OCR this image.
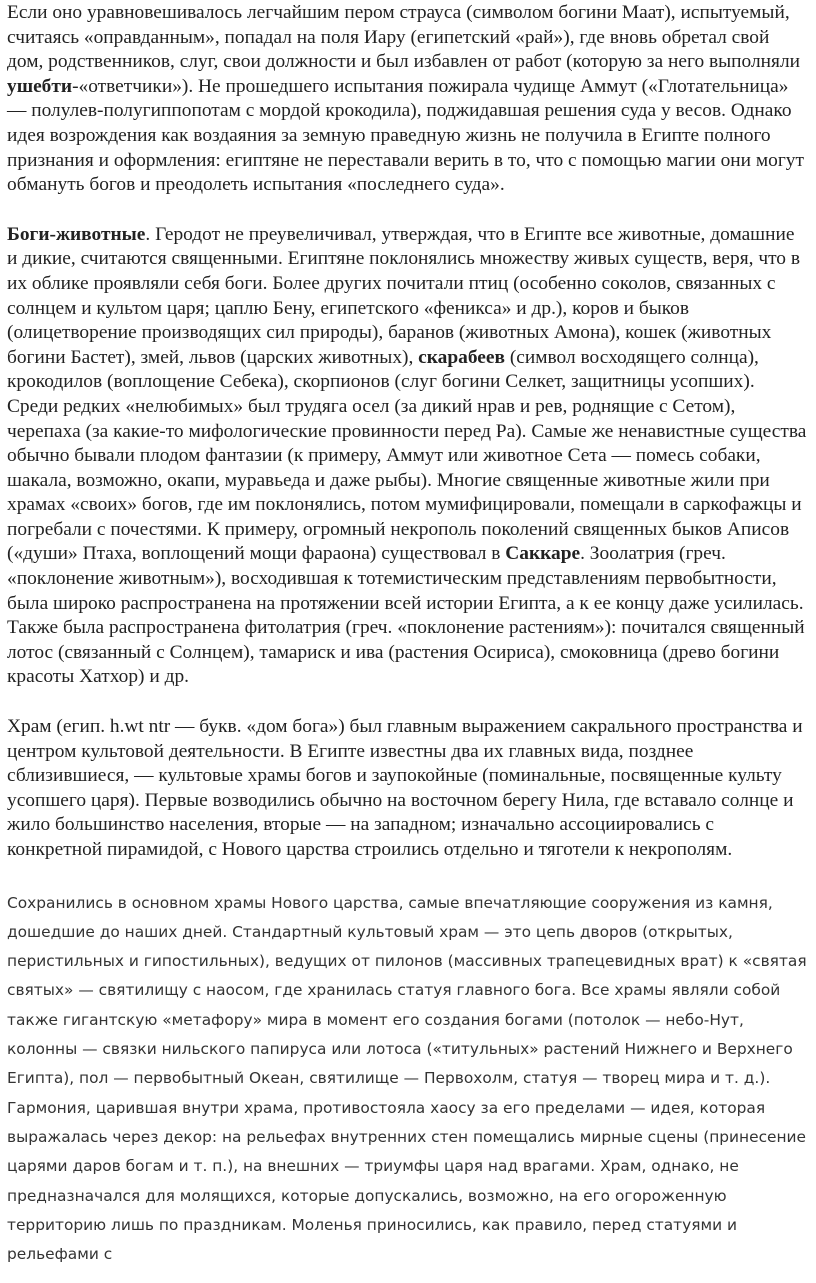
Если оно уравновешивалось легчайшим пером страуса (символом богини Маат), испытуемый, считаясь «оправданным», попадал на поля Иару (египетский «рай»), где вновь обретал свой дом, родственников, слуг, свои должности и был избавлен от работ (которую за него выполняли ушебти-«ответчики»). Не прошедшего испытания пожирала чудище Аммут («Глотательница» — полулев-полугиппопотам с мордой крокодила), поджидавшая решения суда у весов. Однако идея возрождения как воздаяния за земную праведную жизнь не получила в Египте полного признания и оформления: египтяне не переставали верить в то, что с помощью магии они могут обмануть богов и преодолеть испытания «последнего суда».

Боги-животные. Геродот не преувеличивал, утверждая, что в Египте все животные, домашние и дикие, считаются священными. Египтяне поклонялись множеству живых существ, веря, что в их облике проявляли себя боги. Более других почитали птиц (особенно соколов, связанных с солнцем и культом царя; цаплю Бену, египетского «феникса» и др.), коров и быков (олицетворение производящих сил природы), баранов (животных Амона), кошек (животных богини Бастет), змей, львов (царских животных), скарабеев (символ восходящего солнца), крокодилов (воплощение Себека), скорпионов (слуг богини Селкет, защитницы усопших). Среди редких «нелюбимых» был трудяга осел (за дикий нрав и рев, роднящие с Сетом), черепаха (за какие-то мифологические провинности перед Ра). Самые же ненавистные существа обычно бывали плодом фантазии (к примеру, Аммут или животное Сета — помесь собаки, шакала, возможно, окапи, муравьеда и даже рыбы). Многие священные животные жили при храмах «своих» богов, где им поклонялись, потом мумифицировали, помещали в саркофажцы и погребали с почестями. К примеру, огромный некрополь поколений священных быков Аписов («души» Птаха, воплощений мощи фараона) существовал в Саккаре. Зоолатрия (греч. «поклонение животным»), восходившая к тотемистическим представлениям первобытности, была широко распространена на протяжении всей истории Египта, а к ее концу даже усилилась. Также была распространена фитолатрия (греч. «поклонение растениям»): почитался священный лотос (связанный с Солнцем), тамариск и ива (растения Осириса), смоковница (древо богини красоты Хатхор) и др.

Храм (егип. h.wt ntr — букв. «дом бога») был главным выражением сакрального пространства и центром культовой деятельности. В Египте известны два их главных вида, позднее сблизившиеся, — культовые храмы богов и заупокойные (поминальные, посвященные культу усопшего царя). Первые возводились обычно на восточном берегу Нила, где вставало солнце и жило большинство населения, вторые — на западном; изначально ассоциировались с конкретной пирамидой, с Нового царства строились отдельно и тяготели к некрополям.

Сохранились в основном храмы Нового царства, самые впечатляющие сооружения из камня, дошедшие до наших дней. Стандартный культовый храм — это цепь дворов (открытых, перистильных и гипостильных), ведущих от пилонов (массивных трапецевидных врат) к «святая святых» — святилищу с наосом, где хранилась статуя главного бога. Все храмы являли собой также гигантскую «метафору» мира в момент его создания богами (потолок — небо-Нут, колонны — связки нильского папируса или лотоса («титульных» растений Нижнего и Верхнего Египта), пол — первобытный Океан, святилище — Первохолм, статуя — творец мира и т. д.). Гармония, царившая внутри храма, противостояла хаосу за его пределами — идея, которая выражалась через декор: на рельефах внутренних стен помещались мирные сцены (принесение царями даров богам и т. п.), на внешних — триумфы царя над врагами. Храм, однако, не предназначался для молящихся, которые допускались, возможно, на его огороженную территорию лишь по праздникам. Моленья приносились, как правило, перед статуями и рельефами с
